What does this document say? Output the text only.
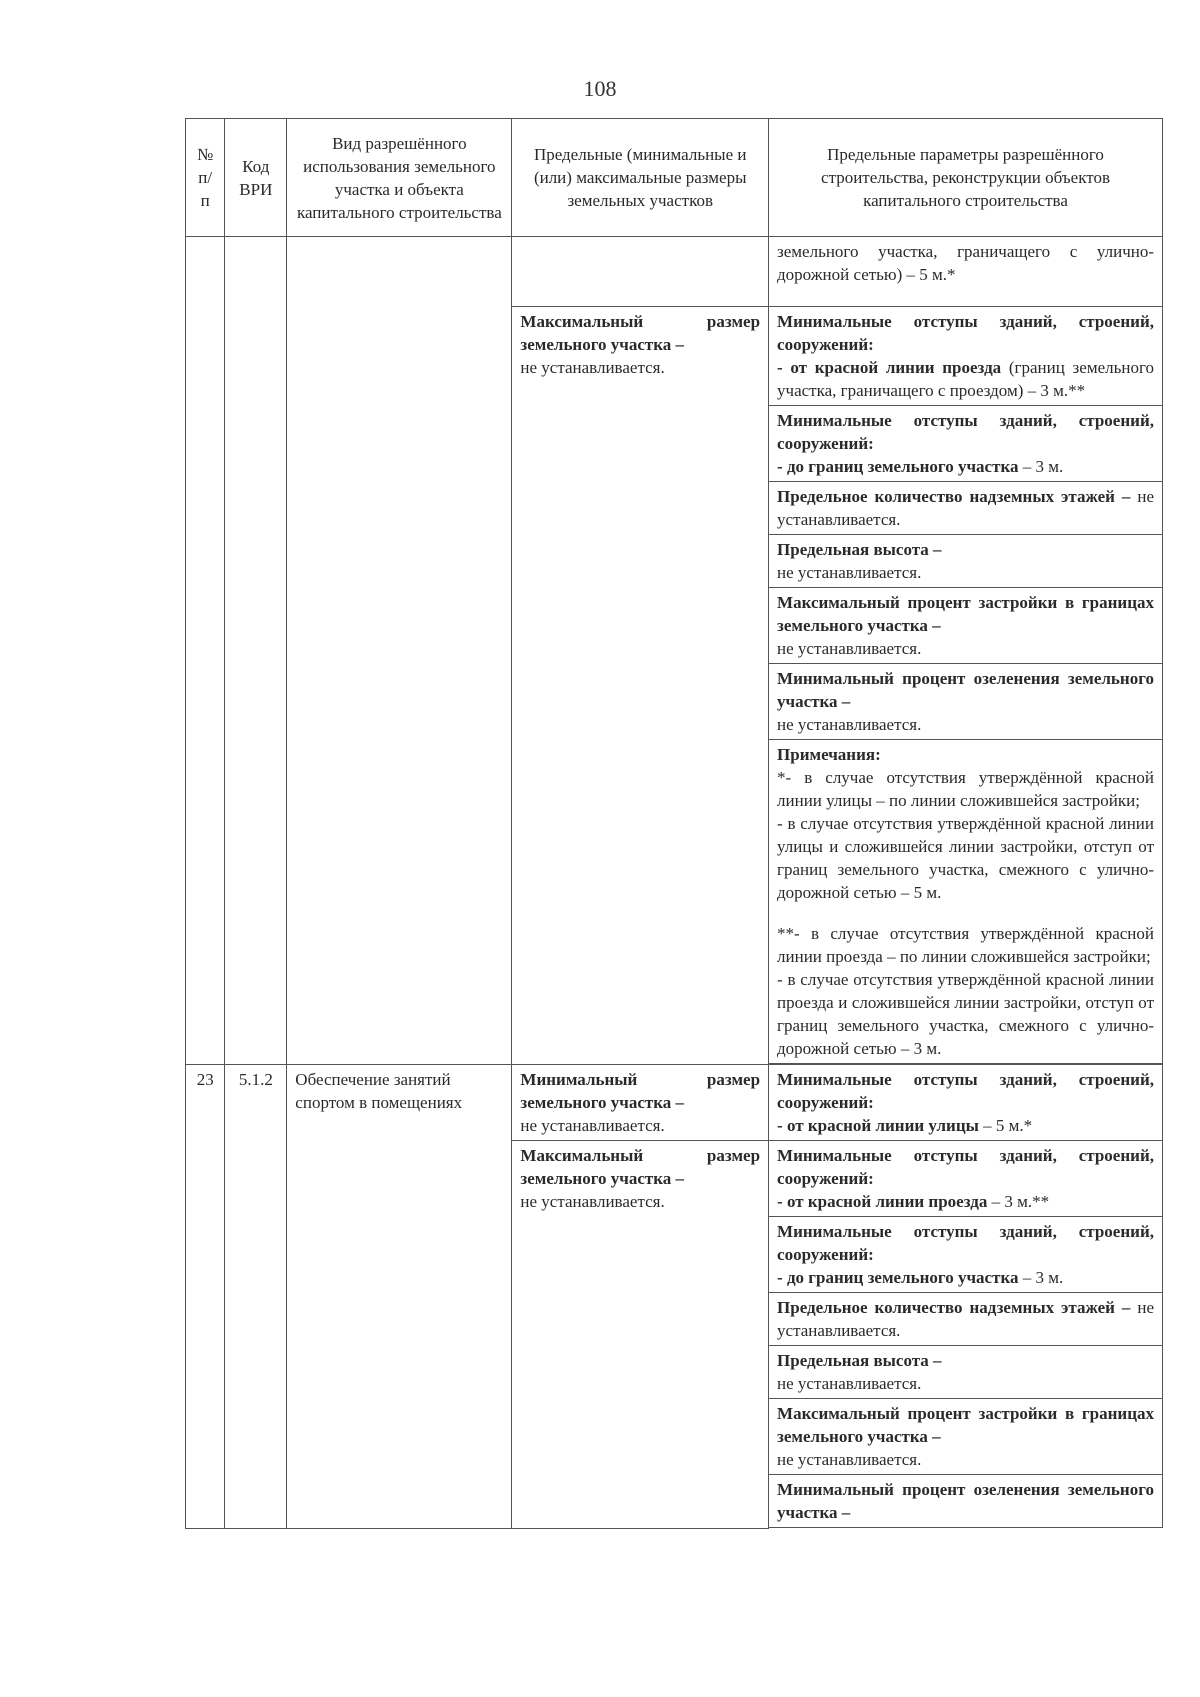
108
№ п/п	Код ВРИ	Вид разрешённого использования земельного участка и объекта капитального строительства	Предельные (минимальные и (или) максимальные размеры земельных участков	Предельные параметры разрешённого строительства, реконструкции объектов капитального строительства
				земельного участка, граничащего с улично-дорожной сетью) – 5 м.*
			Максимальный размер земельного участка –
не устанавливается.	Минимальные отступы зданий, строений, сооружений:
- от красной линии проезда (границ земельного участка, граничащего с проездом) – 3 м.**
				Минимальные отступы зданий, строений, сооружений:
- до границ земельного участка – 3 м.
				Предельное количество надземных этажей – не устанавливается.
				Предельная высота –
не устанавливается.
				Максимальный процент застройки в границах земельного участка –
не устанавливается.
				Минимальный процент озеленения земельного участка –
не устанавливается.
				Примечания:

*- в случае отсутствия утверждённой красной линии улицы – по линии сложившейся застройки;

- в случае отсутствия утверждённой красной линии улицы и сложившейся линии застройки, отступ от границ земельного участка, смежного с улично-дорожной сетью – 5 м.

**- в случае отсутствия утверждённой красной линии проезда – по линии сложившейся застройки;

- в случае отсутствия утверждённой красной линии проезда и сложившейся линии застройки, отступ от границ земельного участка, смежного с улично-дорожной сетью – 3 м.

23	5.1.2	Обеспечение занятий спортом в помещениях	Минимальный размер земельного участка –
не устанавливается.	Минимальные отступы зданий, строений, сооружений:
- от красной линии улицы – 5 м.*
			Максимальный размер земельного участка –
не устанавливается.	Минимальные отступы зданий, строений, сооружений:
- от красной линии проезда – 3 м.**
				Минимальные отступы зданий, строений, сооружений:
- до границ земельного участка – 3 м.
				Предельное количество надземных этажей – не устанавливается.
				Предельная высота –
не устанавливается.
				Максимальный процент застройки в границах земельного участка –
не устанавливается.
				Минимальный процент озеленения земельного участка –
